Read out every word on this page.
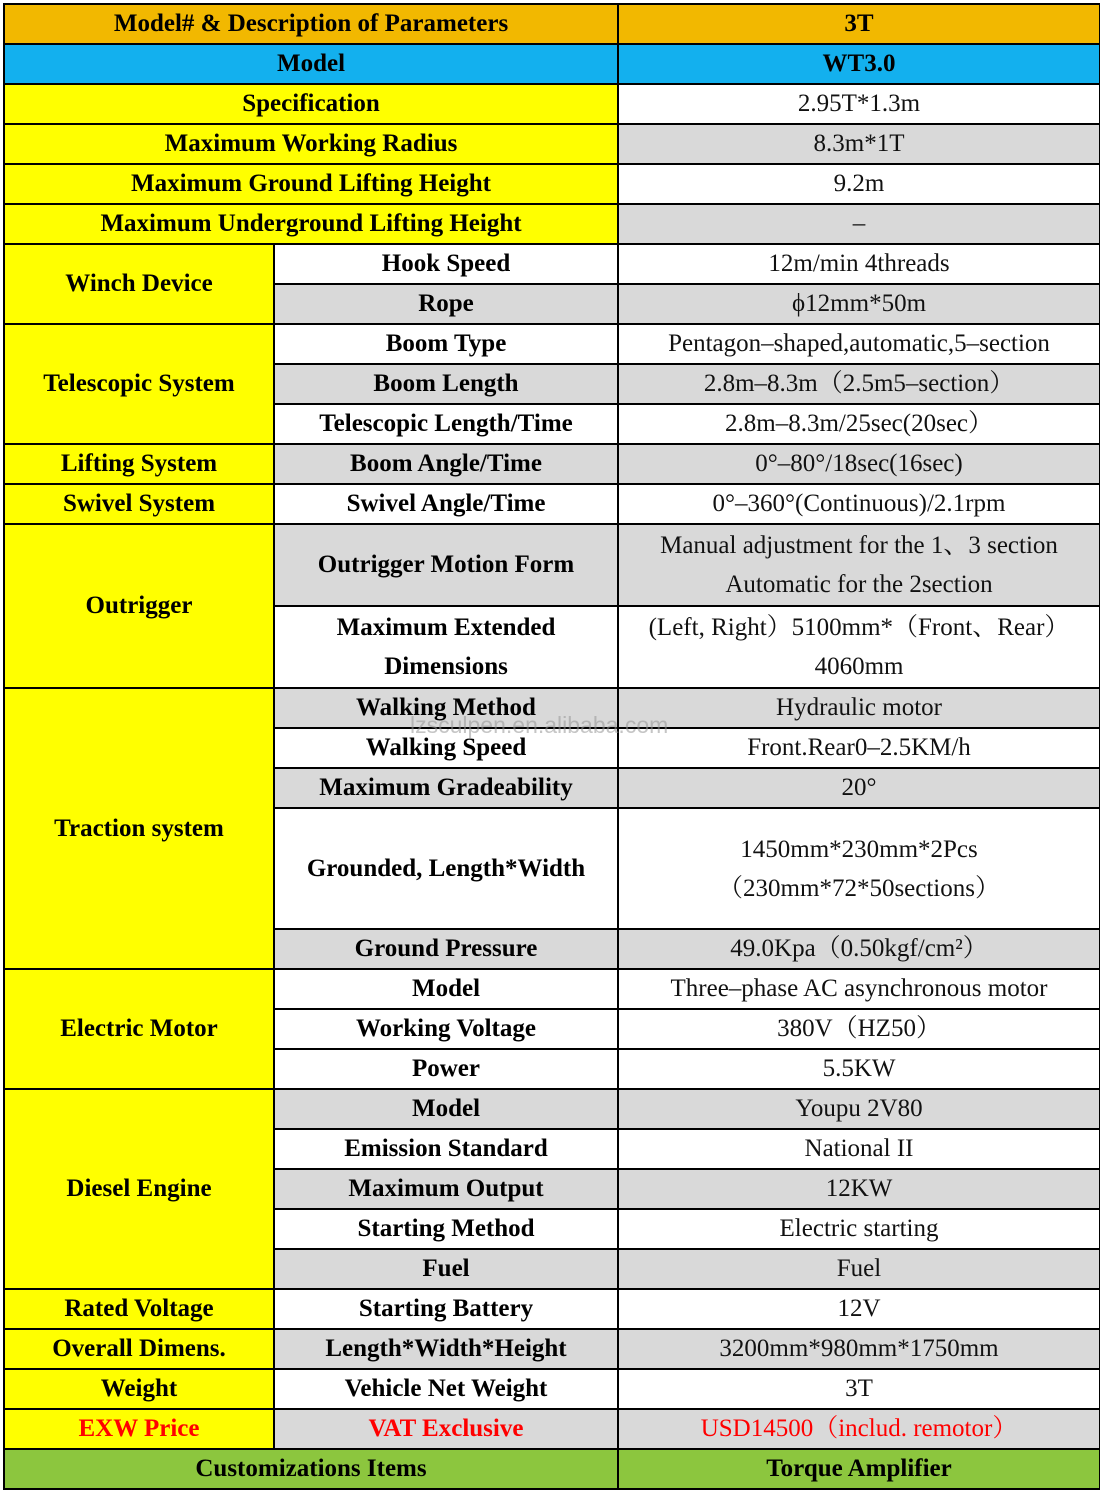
Model# & Description of Parameters		3T
Model		WT3.0
Specification		2.95T*1.3m
Maximum Working Radius		8.3m*1T
Maximum Ground Lifting Height		9.2m
Maximum Underground Lifting Height		–
Winch Device	Hook Speed	12m/min 4threads
	Rope	ϕ12mm*50m
Telescopic System	Boom Type	Pentagon–shaped,automatic,5–section
	Boom Length	2.8m–8.3m（2.5m5–section）
	Telescopic Length/Time	2.8m–8.3m/25sec(20sec）
Lifting System	Boom Angle/Time	0°–80°/18sec(16sec)
Swivel System	Swivel Angle/Time	0°–360°(Continuous)/2.1rpm
Outrigger	Outrigger Motion Form	Manual adjustment for the 1、3 section Automatic for the 2section
	Maximum Extended Dimensions	(Left, Right）5100mm*（Front、Rear）4060mm
Traction system	Walking Method	Hydraulic motor
	Walking Speed	Front.Rear0–2.5KM/h
	Maximum Gradeability	20°
	Grounded, Length*Width	1450mm*230mm*2Pcs（230mm*72*50sections）
	Ground Pressure	49.0Kpa（0.50kgf/cm²）
Electric Motor	Model	Three–phase AC asynchronous motor
	Working Voltage	380V（HZ50）
	Power	5.5KW
Diesel Engine	Model	Youpu 2V80
	Emission Standard	National II
	Maximum Output	12KW
	Starting Method	Electric starting
	Fuel	Fuel
Rated Voltage	Starting Battery	12V
Overall Dimens.	Length*Width*Height	3200mm*980mm*1750mm
Weight	Vehicle Net Weight	3T
EXW Price	VAT Exclusive	USD14500（includ. remotor）
Customizations Items		Torque Amplifier
lzsculpen.en.alibaba.com
